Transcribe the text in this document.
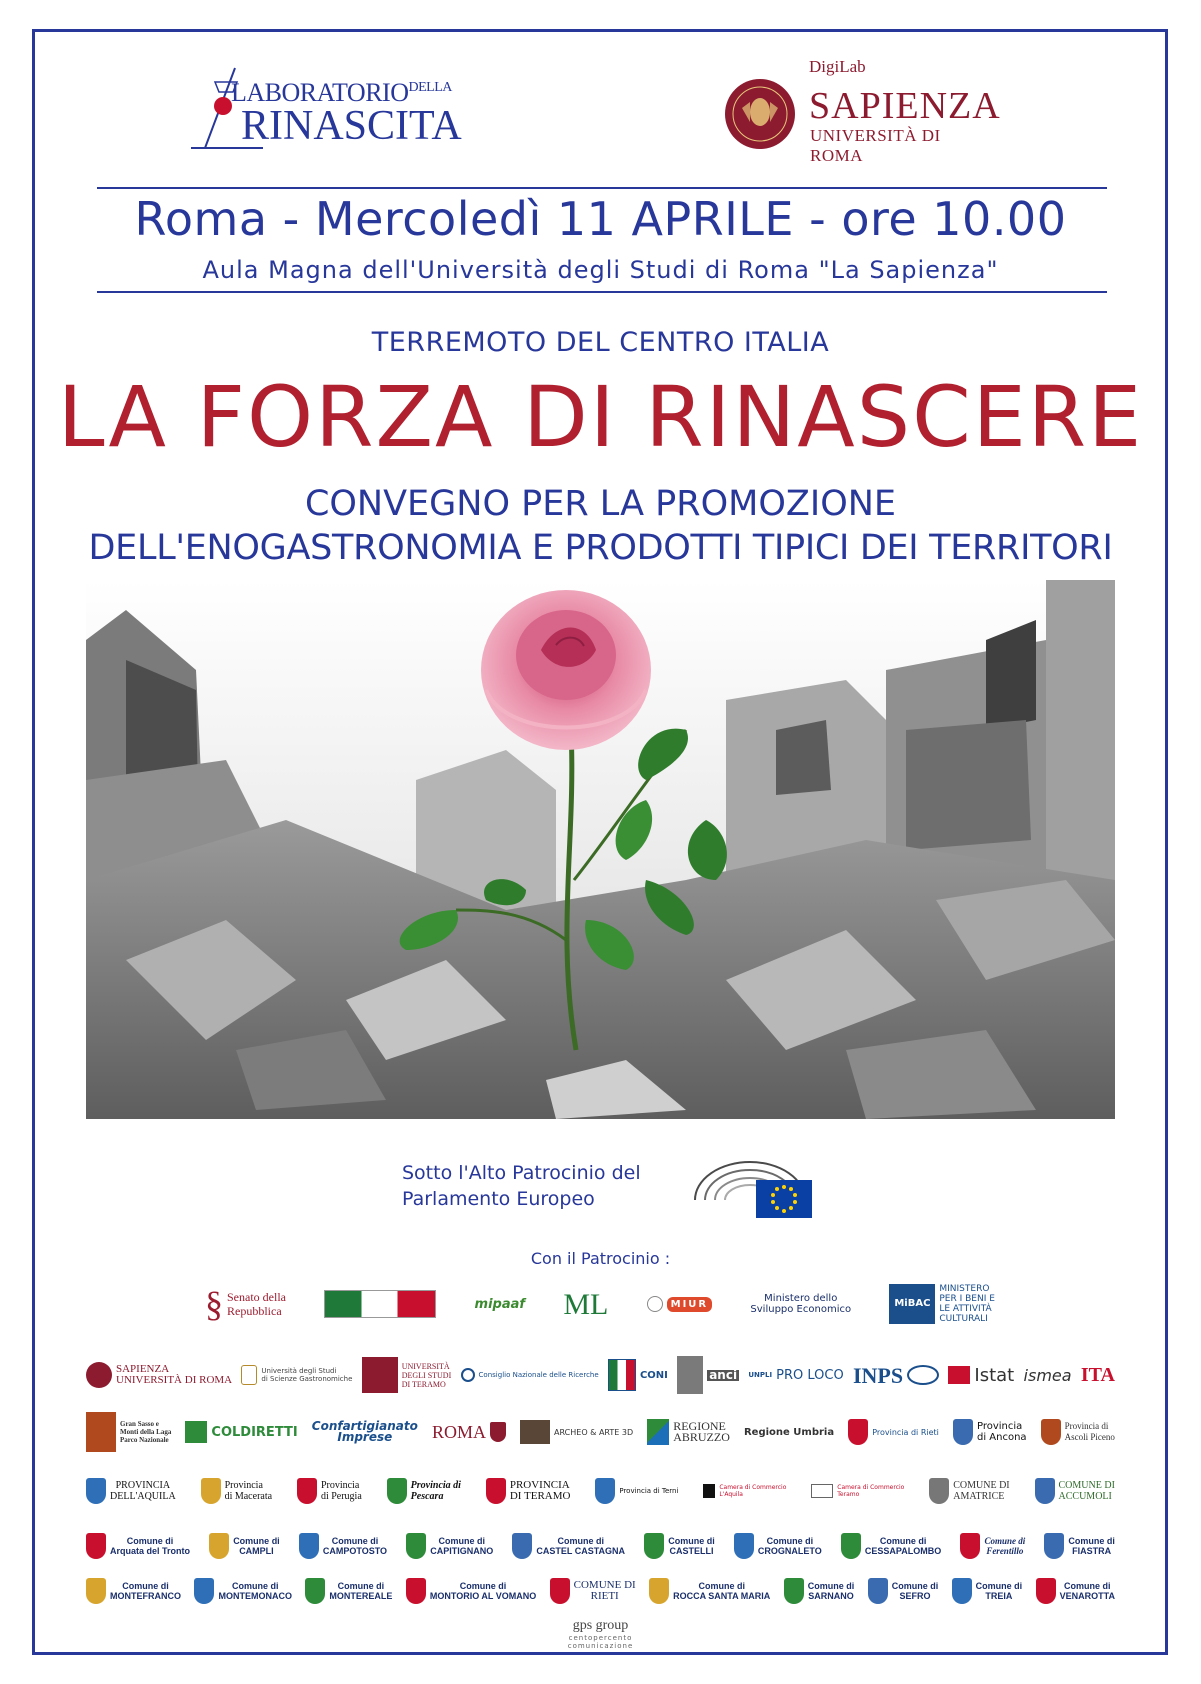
$LABORATORIO^{DELLA}$
RINASCITA
DigiLab
SAPIENZA
UNIVERSITÀ DI ROMA
Roma - Mercoledì 11 APRILE - ore 10.00
Aula Magna dell'Università degli Studi di Roma "La Sapienza"
TERREMOTO DEL CENTRO ITALIA
LA FORZA DI RINASCERE
CONVEGNO PER LA PROMOZIONE
DELL'ENOGASTRONOMIA E PRODOTTI TIPICI DEI TERRITORI
Sotto l'Alto Patrocinio del
Parlamento Europeo
Con il Patrocinio :
§ Senato della
Repubblica	mipaaf ML	MIUR	Ministero dello
Sviluppo Economico
MiBAC
MINISTERO
PER I BENI E
LE ATTIVITÀ
CULTURALI
SAPIENZA
UNIVERSITÀ DI ROMA
Università degli Studi
di Scienze Gastronomiche
UNIVERSITÀ
DEGLI STUDI
DI TERAMO
Consiglio Nazionale delle Ricerche	CONI	anci UNPLI PRO LOCO INPS	Istat ismea ITA
Gran Sasso e
Monti della Laga
Parco Nazionale
COLDIRETTI Confartigianato
Imprese	ROMA	ARCHEO & ARTE 3D	REGIONE
ABRUZZO Regione Umbria	Provincia di Rieti	Provincia
di Ancona
Provincia di
Ascoli Piceno
PROVINCIA
DELL'AQUILA
Provincia
di Macerata
Provincia
di Perugia
Provincia di
Pescara
PROVINCIA
DI TERAMO	Provincia di Terni	Camera di Commercio
L'Aquila
Camera di Commercio
Teramo
COMUNE DI
AMATRICE
COMUNE DI
ACCUMOLI
Comune di
Arquata del Tronto
Comune di
CAMPLI
Comune di
CAMPOTOSTO
Comune di
CAPITIGNANO
Comune di
CASTEL CASTAGNA
Comune di
CASTELLI
Comune di
CROGNALETO
Comune di
CESSAPALOMBO
Comune di
Ferentillo
Comune di
FIASTRA
Comune di
MONTEFRANCO
Comune di
MONTEMONACO
Comune di
MONTEREALE
Comune di
MONTORIO AL VOMANO
COMUNE DI
RIETI
Comune di
ROCCA SANTA MARIA
Comune di
SARNANO
Comune di
SEFRO
Comune di
TREIA
Comune di
VENAROTTA
gps group
centopercento
comunicazione
